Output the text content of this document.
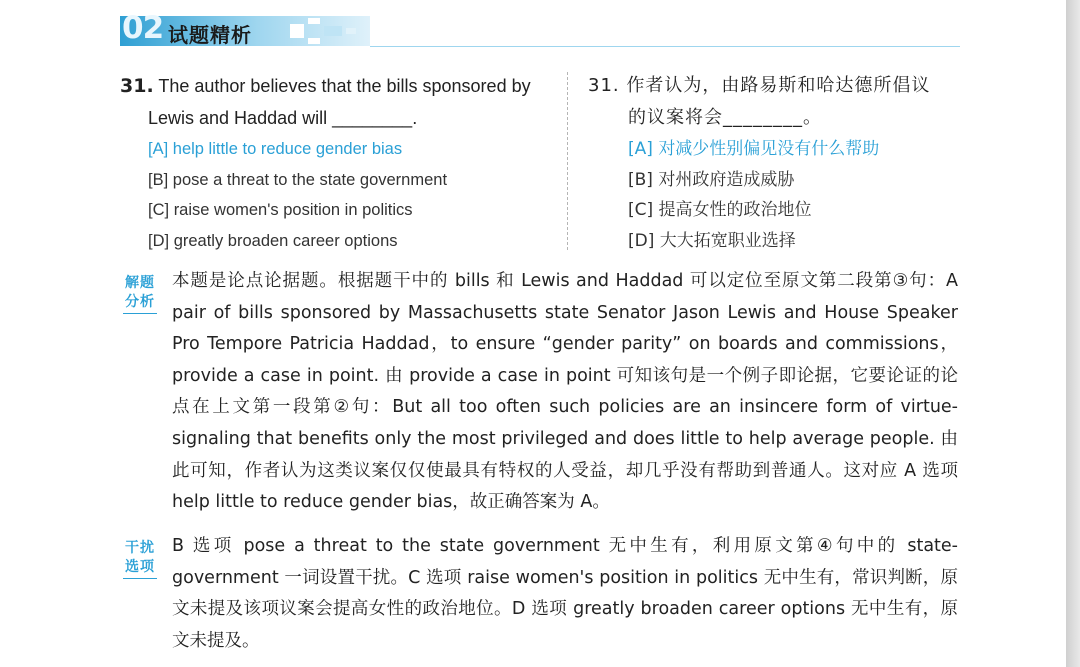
02 试题精析
31. The author believes that the bills sponsored by
Lewis and Haddad will ________.
[A] help little to reduce gender bias
[B] pose a threat to the state government
[C] raise women's position in politics
[D] greatly broaden career options
31. 作者认为，由路易斯和哈达德所倡议
的议案将会________。
[A] 对减少性别偏见没有什么帮助
[B] 对州政府造成威胁
[C] 提高女性的政治地位
[D] 大大拓宽职业选择
解题
分析
本题是论点论据题。根据题干中的 bills 和 Lewis and Haddad 可以定位至原文第二段第③句：A pair of bills sponsored by Massachusetts state Senator Jason Lewis and House Speaker Pro Tempore Patricia Haddad，to ensure “gender parity” on boards and commissions，provide a case in point. 由 provide a case in point 可知该句是一个例子即论据，它要论证的论点在上文第一段第②句：But all too often such policies are an insincere form of virtue-signaling that benefits only the most privileged and does little to help average people. 由此可知，作者认为这类议案仅仅使最具有特权的人受益，却几乎没有帮助到普通人。这对应 A 选项 help little to reduce gender bias，故正确答案为 A。
干扰
选项
B 选项 pose a threat to the state government 无中生有，利用原文第④句中的 state-government 一词设置干扰。C 选项 raise women's position in politics 无中生有，常识判断，原文未提及该项议案会提高女性的政治地位。D 选项 greatly broaden career options 无中生有，原文未提及。
